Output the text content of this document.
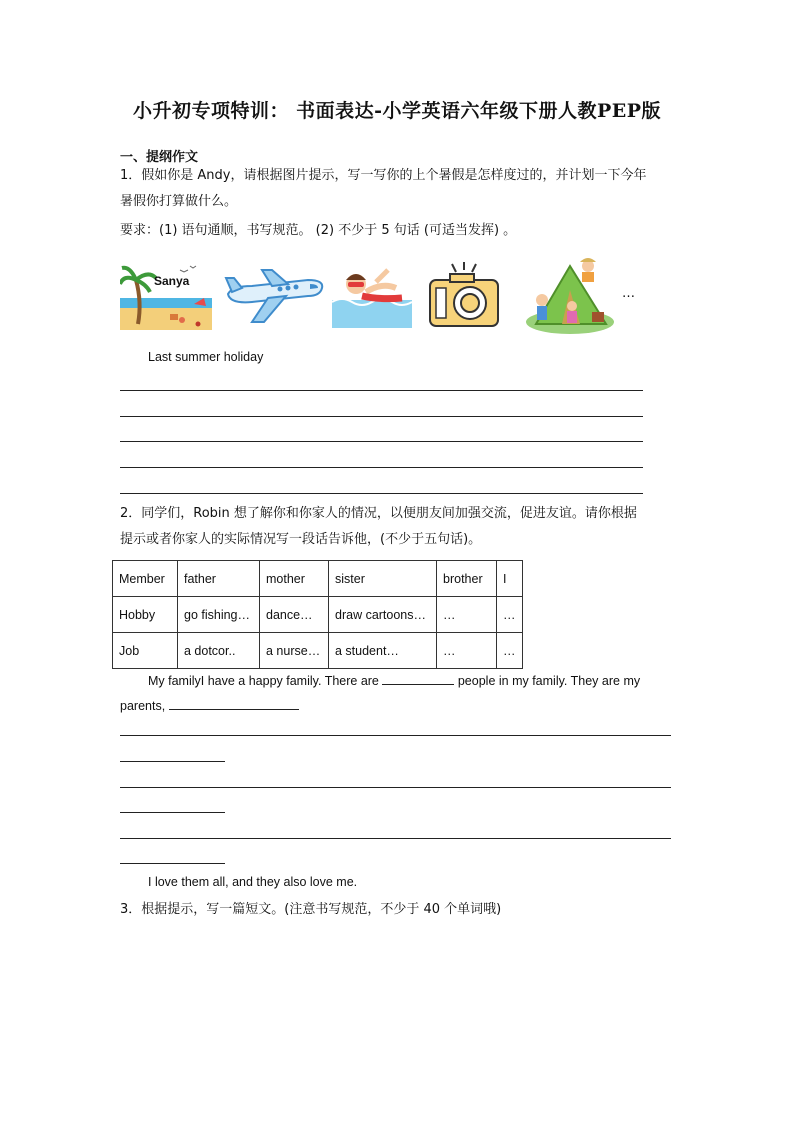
小升初专项特训： 书面表达-小学英语六年级下册人教PEP版
一、提纲作文
1．假如你是 Andy，请根据图片提示，写一写你的上个暑假是怎样度过的，并计划一下今年
暑假你打算做什么。
要求：(1) 语句通顺，书写规范。 (2) 不少于 5 句话 (可适当发挥) 。
Sanya
…
Last summer holiday
2．同学们，Robin 想了解你和你家人的情况，以便朋友间加强交流，促进友谊。请你根据
提示或者你家人的实际情况写一段话告诉他，(不少于五句话)。
Member	father	mother	sister	brother	I
Hobby	go fishing…	dance…	draw cartoons…	…	…
Job	a dotcor..	a nurse…	a student…	…	…
My familyI have a happy family. There are	people in my family. They are my
parents,
I love them all, and they also love me.
3．根据提示，写一篇短文。(注意书写规范，不少于 40 个单词哦)
